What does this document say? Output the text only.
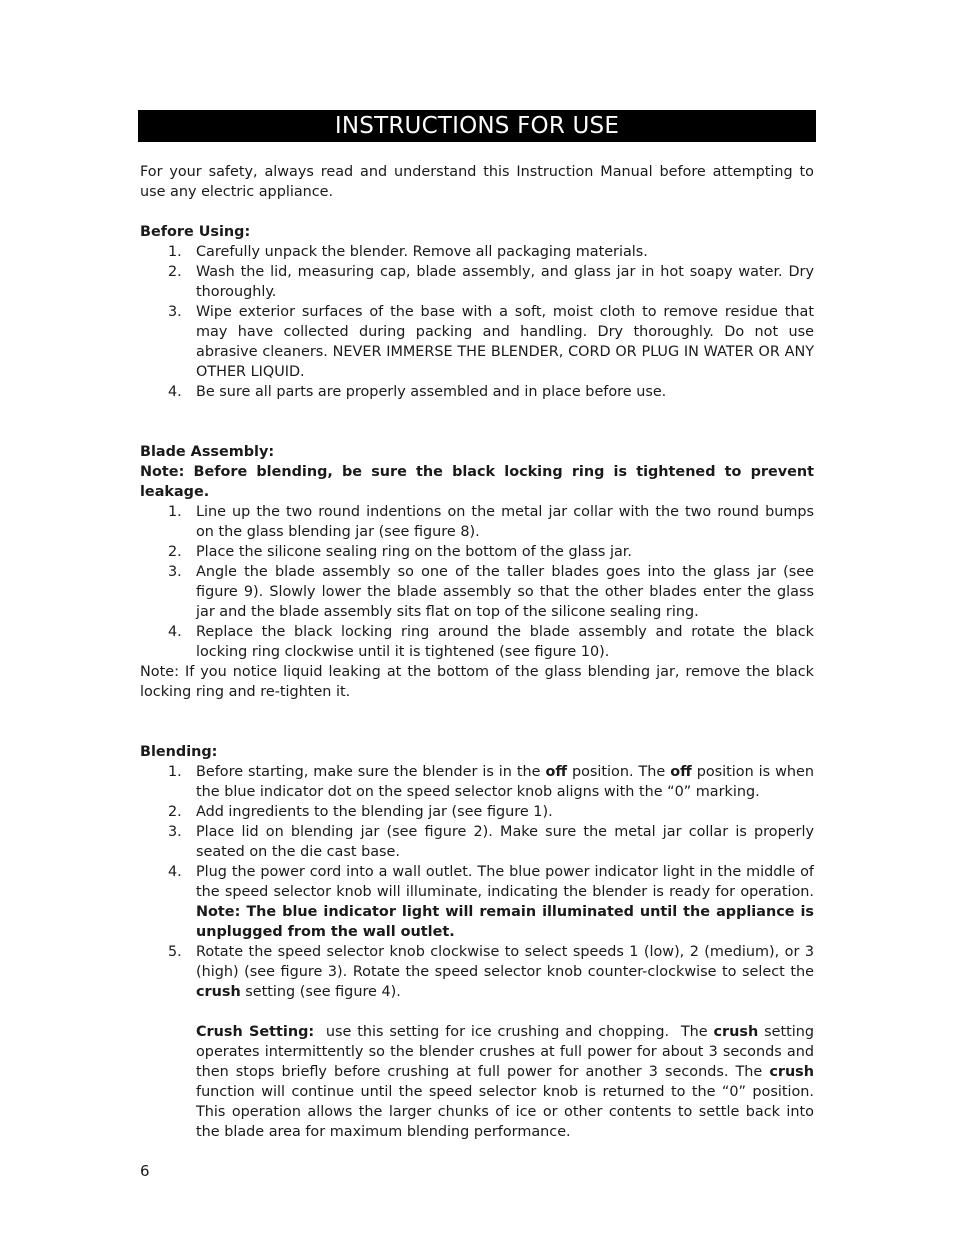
INSTRUCTIONS FOR USE
For your safety, always read and understand this Instruction Manual before attempting to use any electric appliance.
Before Using:
1. Carefully unpack the blender. Remove all packaging materials.
2. Wash the lid, measuring cap, blade assembly, and glass jar in hot soapy water. Dry thoroughly.
3. Wipe exterior surfaces of the base with a soft, moist cloth to remove residue that may have collected during packing and handling. Dry thoroughly. Do not use abrasive cleaners. NEVER IMMERSE THE BLENDER, CORD OR PLUG IN WATER OR ANY OTHER LIQUID.
4. Be sure all parts are properly assembled and in place before use.
Blade Assembly:
Note: Before blending, be sure the black locking ring is tightened to prevent leakage.
1. Line up the two round indentions on the metal jar collar with the two round bumps on the glass blending jar (see figure 8).
2. Place the silicone sealing ring on the bottom of the glass jar.
3. Angle the blade assembly so one of the taller blades goes into the glass jar (see figure 9). Slowly lower the blade assembly so that the other blades enter the glass jar and the blade assembly sits flat on top of the silicone sealing ring.
4. Replace the black locking ring around the blade assembly and rotate the black locking ring clockwise until it is tightened (see figure 10).
Note: If you notice liquid leaking at the bottom of the glass blending jar, remove the black locking ring and re-tighten it.
Blending:
1. Before starting, make sure the blender is in the off position. The off position is when the blue indicator dot on the speed selector knob aligns with the “0” marking.
2. Add ingredients to the blending jar (see figure 1).
3. Place lid on blending jar (see figure 2). Make sure the metal jar collar is properly seated on the die cast base.
4. Plug the power cord into a wall outlet. The blue power indicator light in the middle of the speed selector knob will illuminate, indicating the blender is ready for operation. Note: The blue indicator light will remain illuminated until the appliance is unplugged from the wall outlet.
5. Rotate the speed selector knob clockwise to select speeds 1 (low), 2 (medium), or 3 (high) (see figure 3). Rotate the speed selector knob counter-clockwise to select the crush setting (see figure 4).
Crush Setting:  use this setting for ice crushing and chopping.  The crush setting operates intermittently so the blender crushes at full power for about 3 seconds and then stops briefly before crushing at full power for another 3 seconds. The crush function will continue until the speed selector knob is returned to the “0” position. This operation allows the larger chunks of ice or other contents to settle back into the blade area for maximum blending performance.
6
